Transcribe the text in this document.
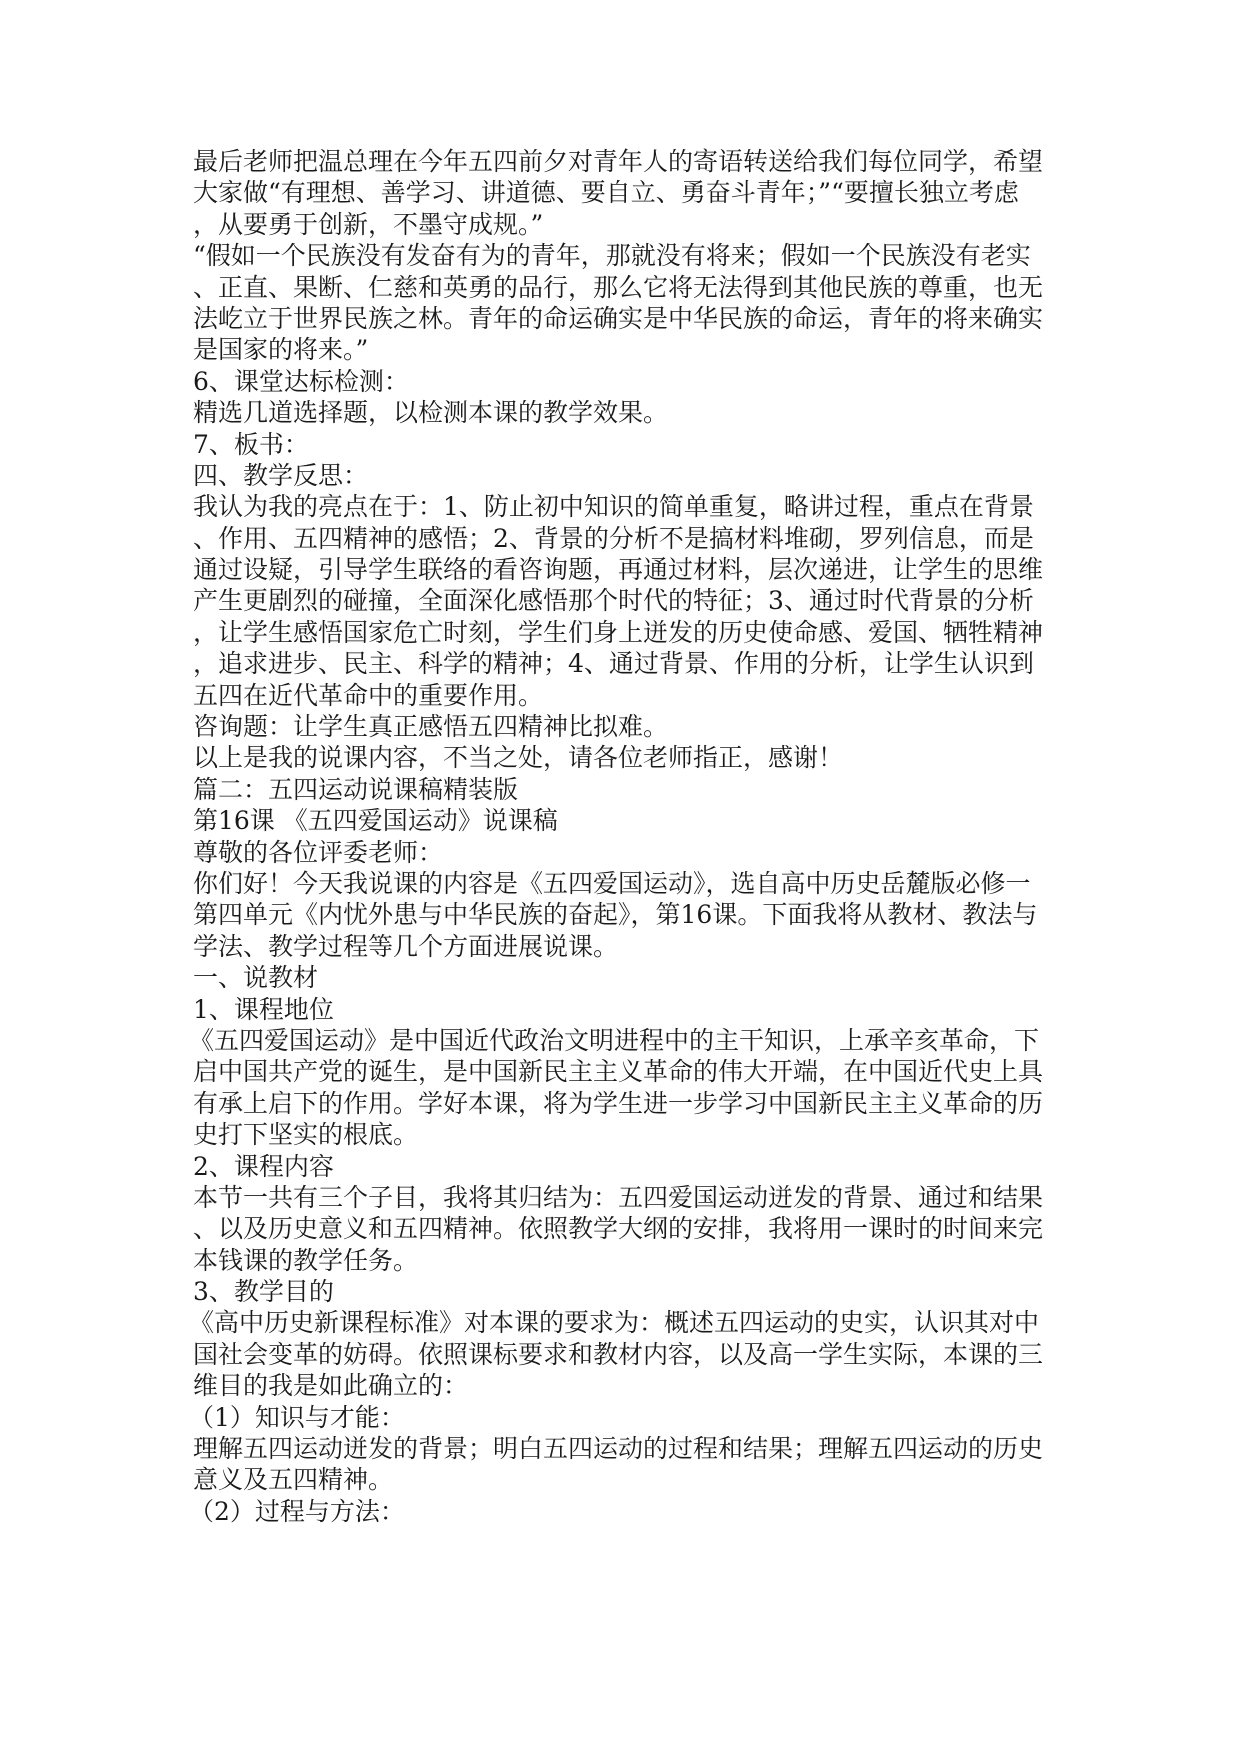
最后老师把温总理在今年五四前夕对青年人的寄语转送给我们每位同学，希望
大家做“有理想、善学习、讲道德、要自立、勇奋斗青年；”“要擅长独立考虑
，从要勇于创新，不墨守成规。”
“假如一个民族没有发奋有为的青年，那就没有将来；假如一个民族没有老实
、正直、果断、仁慈和英勇的品行，那么它将无法得到其他民族的尊重，也无
法屹立于世界民族之林。青年的命运确实是中华民族的命运，青年的将来确实
是国家的将来。”
6、课堂达标检测：
精选几道选择题，以检测本课的教学效果。
7、板书：
四、教学反思：
我认为我的亮点在于：1、防止初中知识的简单重复，略讲过程，重点在背景
、作用、五四精神的感悟；2、背景的分析不是搞材料堆砌，罗列信息，而是
通过设疑，引导学生联络的看咨询题，再通过材料，层次递进，让学生的思维
产生更剧烈的碰撞，全面深化感悟那个时代的特征；3、通过时代背景的分析
，让学生感悟国家危亡时刻，学生们身上迸发的历史使命感、爱国、牺牲精神
，追求进步、民主、科学的精神；4、通过背景、作用的分析，让学生认识到
五四在近代革命中的重要作用。
咨询题：让学生真正感悟五四精神比拟难。
以上是我的说课内容，不当之处，请各位老师指正，感谢！
篇二：五四运动说课稿精装版
第16课 《五四爱国运动》说课稿
尊敬的各位评委老师：
你们好！今天我说课的内容是《五四爱国运动》，选自高中历史岳麓版必修一
第四单元《内忧外患与中华民族的奋起》，第16课。下面我将从教材、教法与
学法、教学过程等几个方面进展说课。
一、说教材
1、课程地位
《五四爱国运动》是中国近代政治文明进程中的主干知识，上承辛亥革命，下
启中国共产党的诞生，是中国新民主主义革命的伟大开端，在中国近代史上具
有承上启下的作用。学好本课，将为学生进一步学习中国新民主主义革命的历
史打下坚实的根底。
2、课程内容
本节一共有三个子目，我将其归结为：五四爱国运动迸发的背景、通过和结果
、以及历史意义和五四精神。依照教学大纲的安排，我将用一课时的时间来完
本钱课的教学任务。
3、教学目的
《高中历史新课程标准》对本课的要求为：概述五四运动的史实，认识其对中
国社会变革的妨碍。依照课标要求和教材内容，以及高一学生实际，本课的三
维目的我是如此确立的：
（1）知识与才能：
理解五四运动迸发的背景；明白五四运动的过程和结果；理解五四运动的历史
意义及五四精神。
（2）过程与方法：
